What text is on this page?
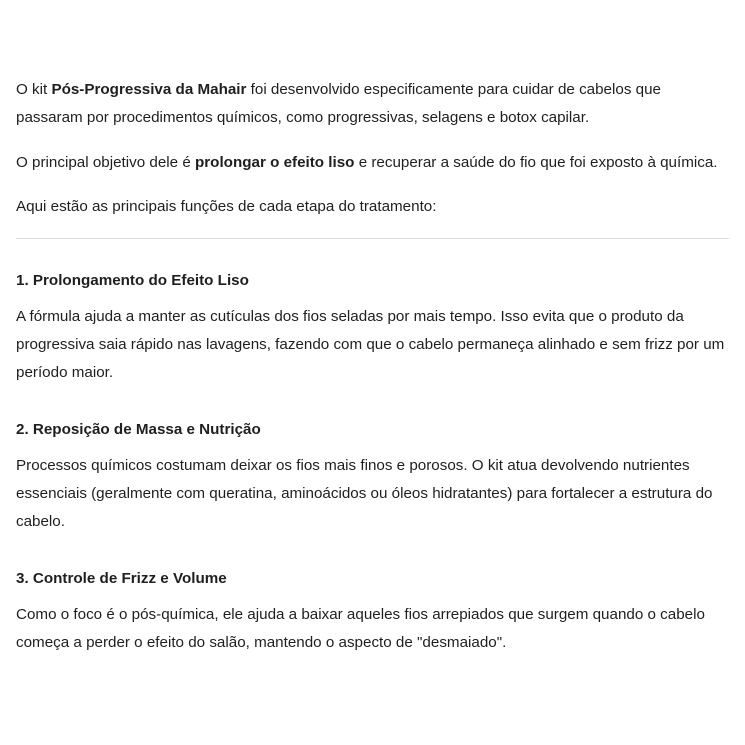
O kit Pós-Progressiva da Mahair foi desenvolvido especificamente para cuidar de cabelos que passaram por procedimentos químicos, como progressivas, selagens e botox capilar.

O principal objetivo dele é prolongar o efeito liso e recuperar a saúde do fio que foi exposto à química.

Aqui estão as principais funções de cada etapa do tratamento:

1. Prolongamento do Efeito Liso

A fórmula ajuda a manter as cutículas dos fios seladas por mais tempo. Isso evita que o produto da progressiva saia rápido nas lavagens, fazendo com que o cabelo permaneça alinhado e sem frizz por um período maior.

2. Reposição de Massa e Nutrição

Processos químicos costumam deixar os fios mais finos e porosos. O kit atua devolvendo nutrientes essenciais (geralmente com queratina, aminoácidos ou óleos hidratantes) para fortalecer a estrutura do cabelo.

3. Controle de Frizz e Volume

Como o foco é o pós-química, ele ajuda a baixar aqueles fios arrepiados que surgem quando o cabelo começa a perder o efeito do salão, mantendo o aspecto de "desmaiado".
